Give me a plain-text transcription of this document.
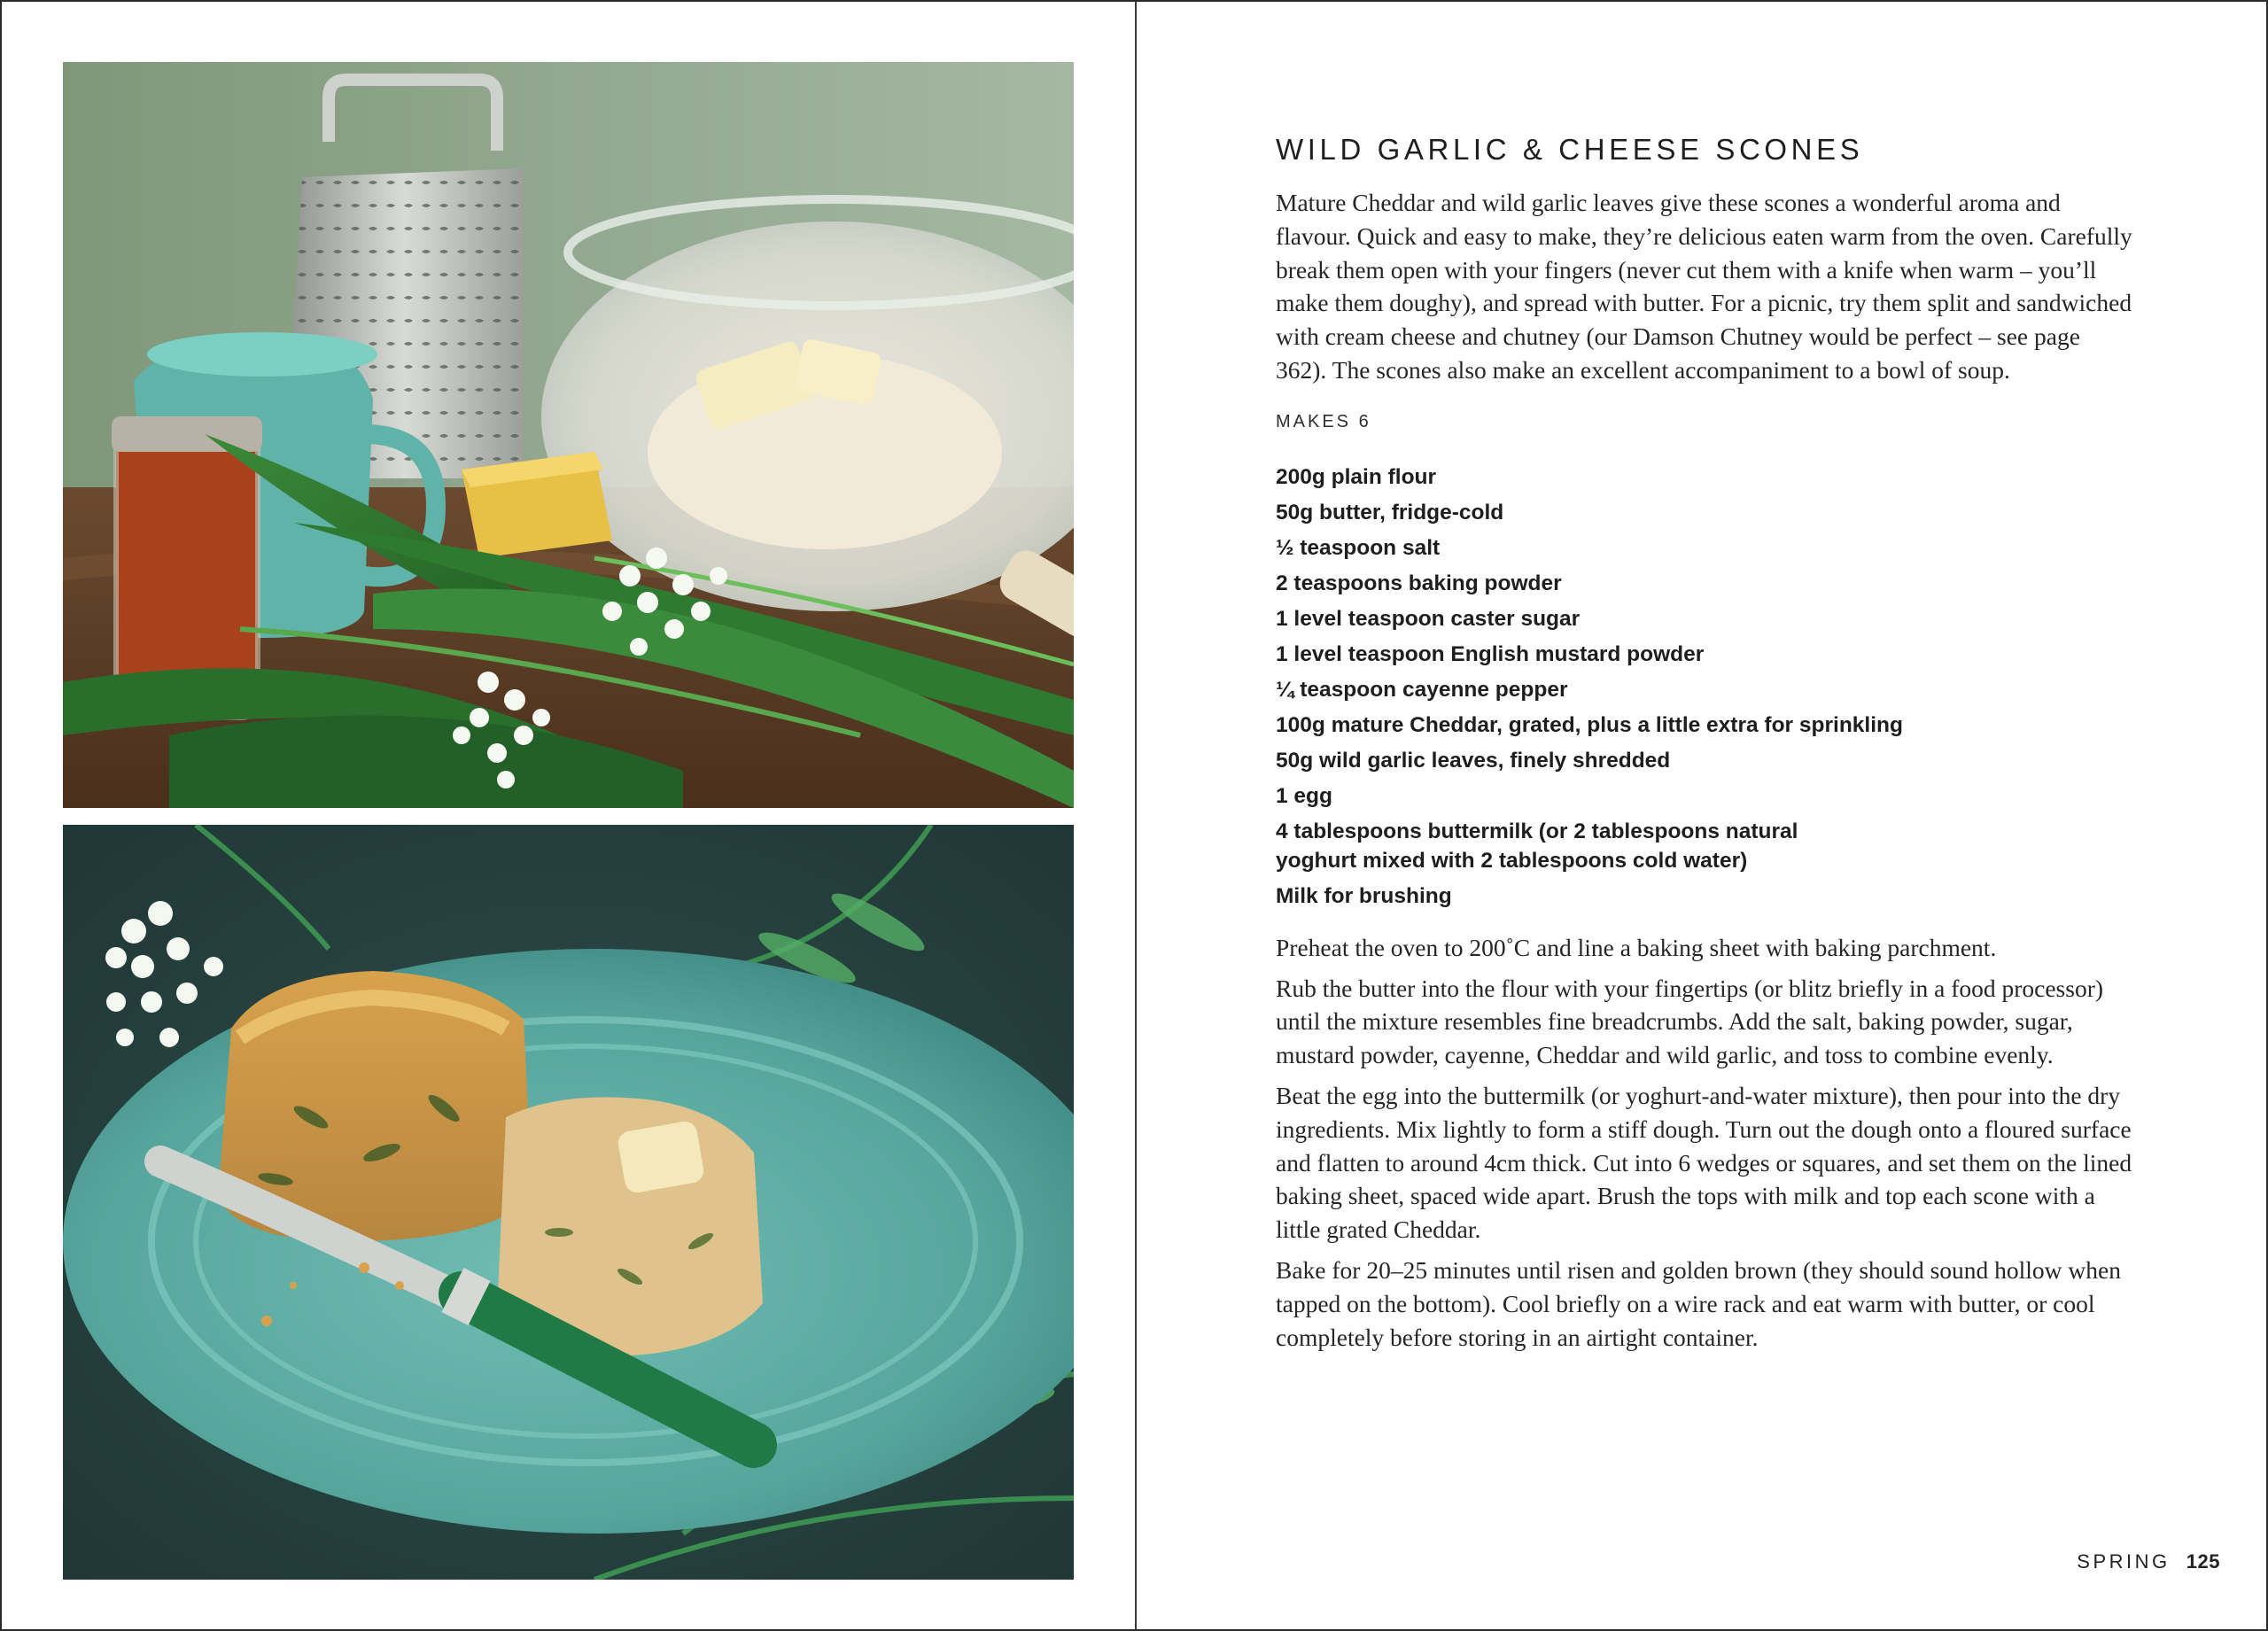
WILD GARLIC & CHEESE SCONES

Mature Cheddar and wild garlic leaves give these scones a wonderful aroma and flavour. Quick and easy to make, they’re delicious eaten warm from the oven. Carefully break them open with your fingers (never cut them with a knife when warm – you’ll make them doughy), and spread with butter. For a picnic, try them split and sandwiched with cream cheese and chutney (our Damson Chutney would be perfect – see page 362). The scones also make an excellent accompaniment to a bowl of soup.

MAKES 6
200g plain flour
50g butter, fridge-cold
½ teaspoon salt
2 teaspoons baking powder
1 level teaspoon caster sugar
1 level teaspoon English mustard powder
¼ teaspoon cayenne pepper
100g mature Cheddar, grated, plus a little extra for sprinkling
50g wild garlic leaves, finely shredded
1 egg
4 tablespoons buttermilk (or 2 tablespoons natural
yoghurt mixed with 2 tablespoons cold water)
Milk for brushing

Preheat the oven to 200˚C and line a baking sheet with baking parchment.

Rub the butter into the flour with your fingertips (or blitz briefly in a food processor) until the mixture resembles fine breadcrumbs. Add the salt, baking powder, sugar, mustard powder, cayenne, Cheddar and wild garlic, and toss to combine evenly.

Beat the egg into the buttermilk (or yoghurt-and-water mixture), then pour into the dry ingredients. Mix lightly to form a stiff dough. Turn out the dough onto a floured surface and flatten to around 4cm thick. Cut into 6 wedges or squares, and set them on the lined baking sheet, spaced wide apart. Brush the tops with milk and top each scone with a little grated Cheddar.

Bake for 20–25 minutes until risen and golden brown (they should sound hollow when tapped on the bottom). Cool briefly on a wire rack and eat warm with butter, or cool completely before storing in an airtight container.

SPRING 125
